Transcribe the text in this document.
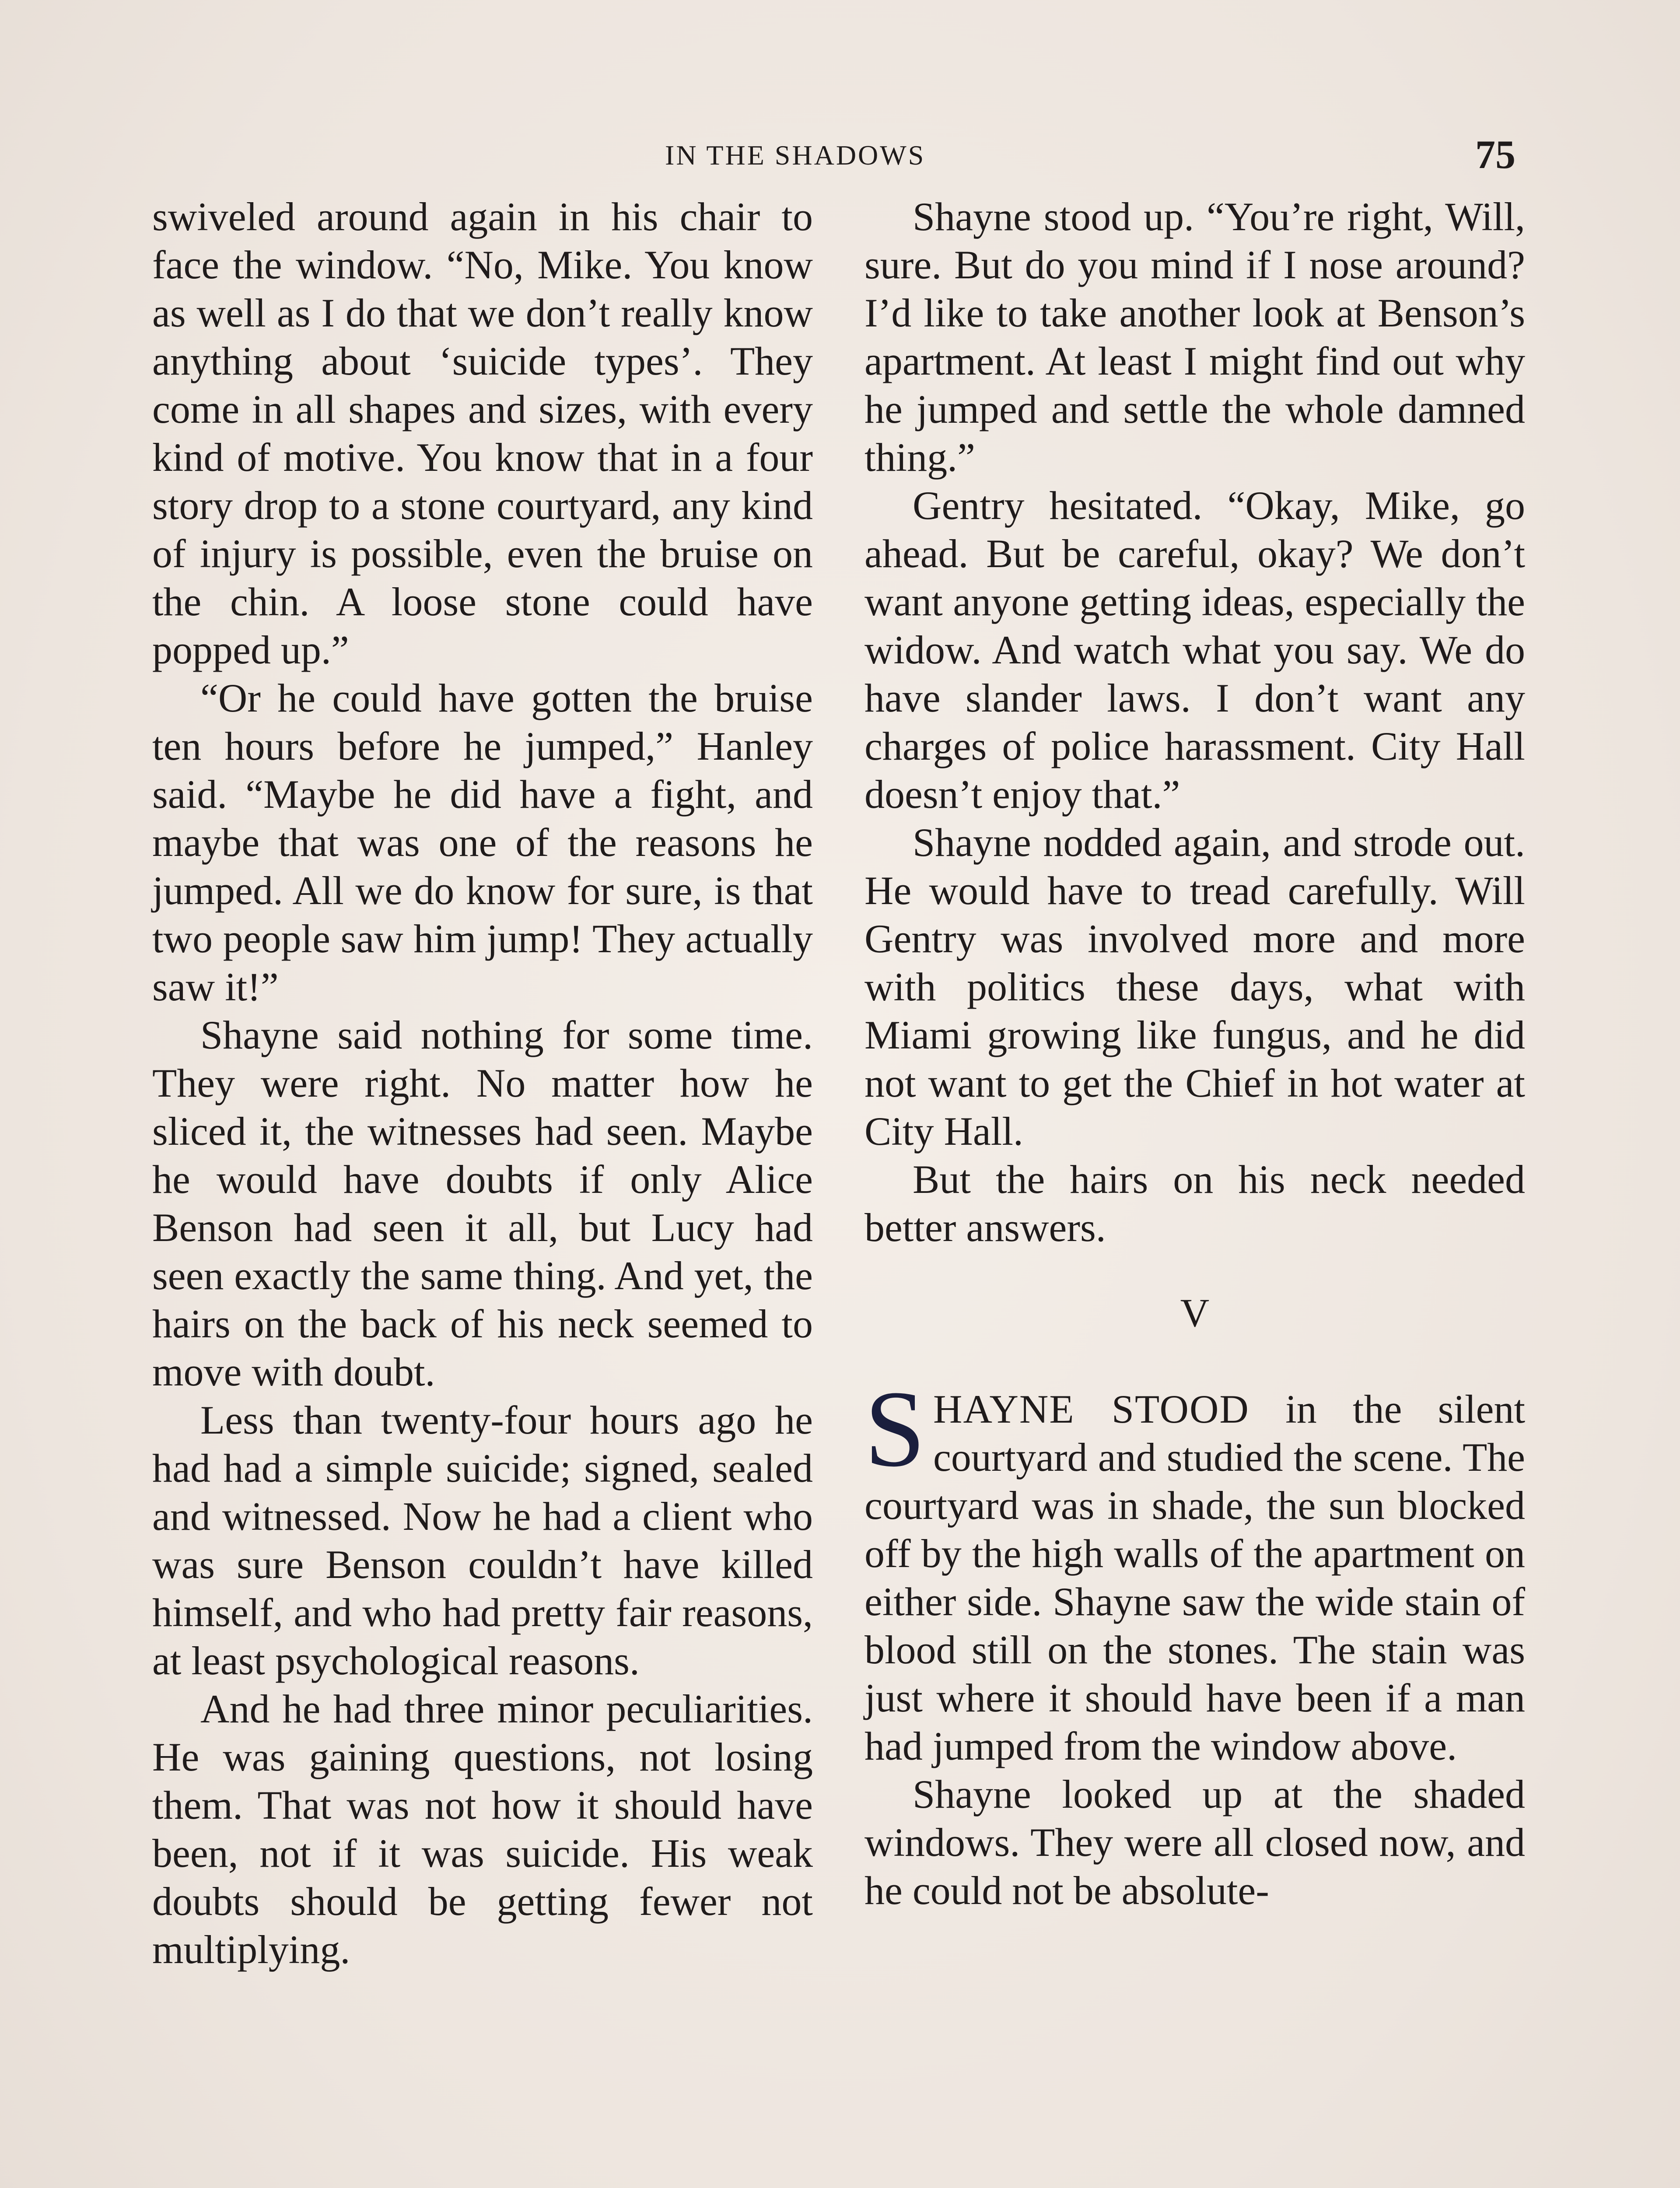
IN THE SHADOWS	75

swiveled around again in his chair to face the window. “No, Mike. You know as well as I do that we don’t really know anything about ‘suicide types’. They come in all shapes and sizes, with every kind of motive. You know that in a four story drop to a stone courtyard, any kind of injury is possible, even the bruise on the chin. A loose stone could have popped up.”

“Or he could have gotten the bruise ten hours before he jumped,” Hanley said. “Maybe he did have a fight, and maybe that was one of the reasons he jumped. All we do know for sure, is that two people saw him jump! They actually saw it!”

Shayne said nothing for some time. They were right. No matter how he sliced it, the witnesses had seen. Maybe he would have doubts if only Alice Benson had seen it all, but Lucy had seen exactly the same thing. And yet, the hairs on the back of his neck seemed to move with doubt.

Less than twenty-four hours ago he had had a simple suicide; signed, sealed and witnessed. Now he had a client who was sure Benson couldn’t have killed himself, and who had pretty fair reasons, at least psychological reasons.

And he had three minor peculiarities. He was gaining questions, not losing them. That was not how it should have been, not if it was suicide. His weak doubts should be getting fewer not multiplying.

Shayne stood up. “You’re right, Will, sure. But do you mind if I nose around? I’d like to take another look at Benson’s apartment. At least I might find out why he jumped and settle the whole damned thing.”

Gentry hesitated. “Okay, Mike, go ahead. But be careful, okay? We don’t want anyone getting ideas, especially the widow. And watch what you say. We do have slander laws. I don’t want any charges of police harassment. City Hall doesn’t enjoy that.”

Shayne nodded again, and strode out. He would have to tread carefully. Will Gentry was involved more and more with politics these days, what with Miami growing like fungus, and he did not want to get the Chief in hot water at City Hall.

But the hairs on his neck needed better answers.

V

SHAYNE STOOD in the silent courtyard and studied the scene. The courtyard was in shade, the sun blocked off by the high walls of the apartment on either side. Shayne saw the wide stain of blood still on the stones. The stain was just where it should have been if a man had jumped from the window above.

Shayne looked up at the shaded windows. They were all closed now, and he could not be absolute-
